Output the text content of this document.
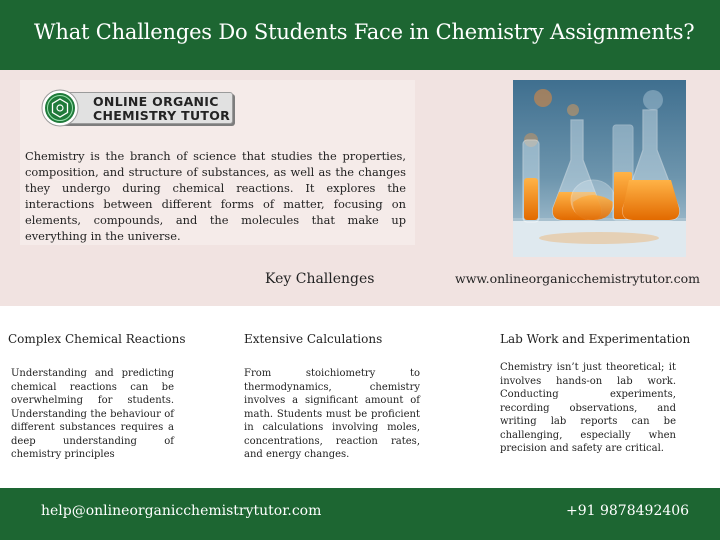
What Challenges Do Students Face in Chemistry Assignments?
ONLINE ORGANIC
CHEMISTRY TUTOR

Chemistry is the branch of science that studies the properties, composition, and structure of substances, as well as the changes they undergo during chemical reactions. It explores the interactions between different forms of matter, focusing on elements, compounds, and the molecules that make up everything in the universe.

Key Challenges	www.onlineorganicchemistrytutor.com
Complex Chemical Reactions	Extensive Calculations	Lab Work and Experimentation

Understanding and predicting chemical reactions can be overwhelming for students. Understanding the behaviour of different substances requires a deep understanding of chemistry principles

From stoichiometry to thermodynamics, chemistry involves a significant amount of math. Students must be proficient in calculations involving moles, concentrations, reaction rates, and energy changes.

Chemistry isn’t just theoretical; it involves hands-on lab work. Conducting experiments, recording observations, and writing lab reports can be challenging, especially when precision and safety are critical.

help@onlineorganicchemistrytutor.com	+91 9878492406
